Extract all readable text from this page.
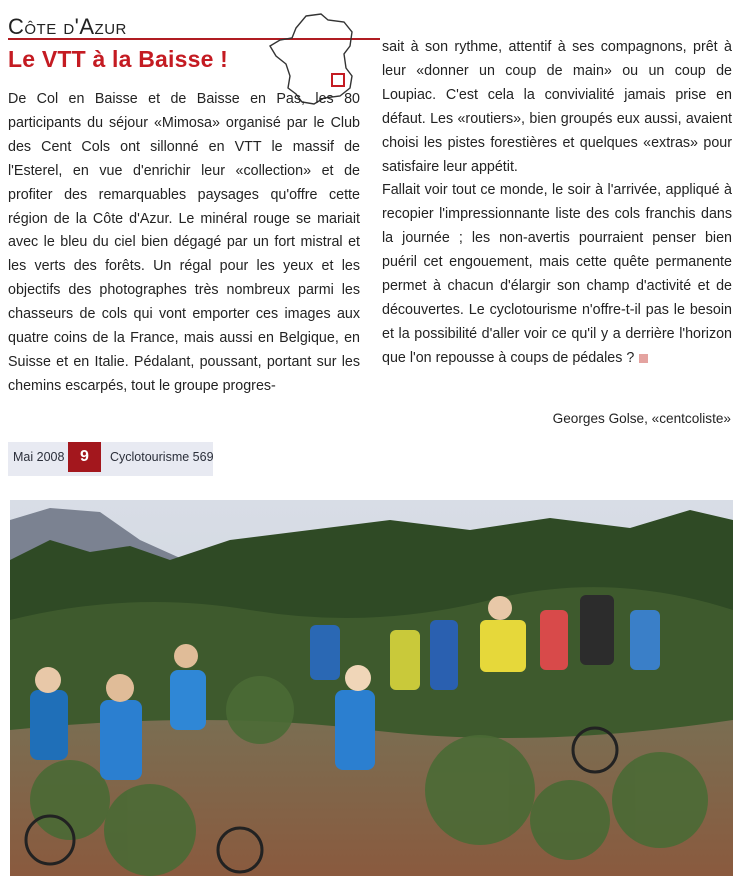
Côte d'Azur
Le VTT à la Baisse !

De Col en Baisse et de Baisse en Pas, les 80 participants du séjour «Mimosa» organisé par le Club des Cent Cols ont sillonné en VTT le massif de l'Esterel, en vue d'enrichir leur «collection» et de profiter des remarquables paysages qu'offre cette région de la Côte d'Azur. Le minéral rouge se mariait avec le bleu du ciel bien dégagé par un fort mistral et les verts des forêts. Un régal pour les yeux et les objectifs des photographes très nombreux parmi les chasseurs de cols qui vont emporter ces images aux quatre coins de la France, mais aussi en Belgique, en Suisse et en Italie. Pédalant, poussant, portant sur les chemins escarpés, tout le groupe progres-

sait à son rythme, attentif à ses compagnons, prêt à leur «donner un coup de main» ou un coup de Loupiac. C'est cela la convivialité jamais prise en défaut. Les «routiers», bien groupés eux aussi, avaient choisi les pistes forestières et quelques «extras» pour satisfaire leur appétit.

Fallait voir tout ce monde, le soir à l'arrivée, appliqué à recopier l'impressionnante liste des cols franchis dans la journée ; les non-avertis pourraient penser bien puéril cet engouement, mais cette quête permanente permet à chacun d'élargir son champ d'activité et de découvertes. Le cyclotourisme n'offre-t-il pas le besoin et la possibilité d'aller voir ce qu'il y a derrière l'horizon que l'on repousse à coups de pédales ?

Georges Golse, «centcoliste»
Mai 2008 9	Cyclotourisme 569
